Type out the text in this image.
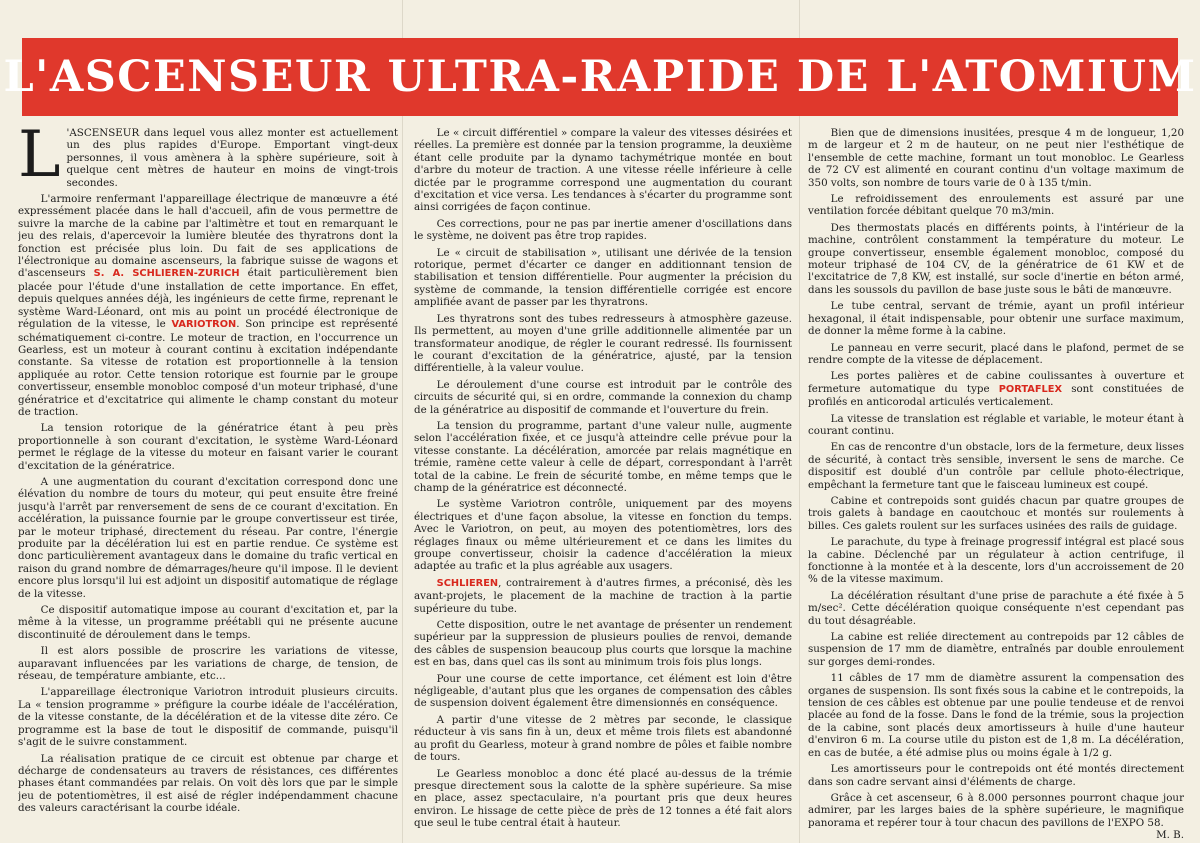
L'ASCENSEUR ULTRA-RAPIDE DE L'ATOMIUM

L 'ASCENSEUR dans lequel vous allez monter est actuellement un des plus rapides d'Europe. Emportant vingt-deux personnes, il vous amènera à la sphère supérieure, soit à quelque cent mètres de hauteur en moins de vingt-trois secondes.

L'armoire renfermant l'appareillage électrique de manœuvre a été expressément placée dans le hall d'accueil, afin de vous permettre de suivre la marche de la cabine par l'altimètre et tout en remarquant le jeu des relais, d'apercevoir la lumière bleutée des thyratrons dont la fonction est précisée plus loin. Du fait de ses applications de l'électronique au domaine ascenseurs, la fabrique suisse de wagons et d'ascenseurs S. A. SCHLIEREN-ZURICH était particulièrement bien placée pour l'étude d'une installation de cette importance. En effet, depuis quelques années déjà, les ingénieurs de cette firme, reprenant le système Ward-Léonard, ont mis au point un procédé électronique de régulation de la vitesse, le VARIOTRON. Son principe est représenté schématiquement ci-contre. Le moteur de traction, en l'occurrence un Gearless, est un moteur à courant continu à excitation indépendante constante. Sa vitesse de rotation est proportionnelle à la tension appliquée au rotor. Cette tension rotorique est fournie par le groupe convertisseur, ensemble monobloc composé d'un moteur triphasé, d'une génératrice et d'excitatrice qui alimente le champ constant du moteur de traction.

La tension rotorique de la génératrice étant à peu près proportionnelle à son courant d'excitation, le système Ward-Léonard permet le réglage de la vitesse du moteur en faisant varier le courant d'excitation de la génératrice.

A une augmentation du courant d'excitation correspond donc une élévation du nombre de tours du moteur, qui peut ensuite être freiné jusqu'à l'arrêt par renversement de sens de ce courant d'excitation. En accélération, la puissance fournie par le groupe convertisseur est tirée, par le moteur triphasé, directement du réseau. Par contre, l'énergie produite par la décélération lui est en partie rendue. Ce système est donc particulièrement avantageux dans le domaine du trafic vertical en raison du grand nombre de démarrages/heure qu'il impose. Il le devient encore plus lorsqu'il lui est adjoint un dispositif automatique de réglage de la vitesse.

Ce dispositif automatique impose au courant d'excitation et, par la même à la vitesse, un programme préétabli qui ne présente aucune discontinuité de déroulement dans le temps.

Il est alors possible de proscrire les variations de vitesse, auparavant influencées par les variations de charge, de tension, de réseau, de température ambiante, etc...

L'appareillage électronique Variotron introduit plusieurs circuits. La « tension programme » préfigure la courbe idéale de l'accélération, de la vitesse constante, de la décélération et de la vitesse dite zéro. Ce programme est la base de tout le dispositif de commande, puisqu'il s'agit de le suivre constamment.

La réalisation pratique de ce circuit est obtenue par charge et décharge de condensateurs au travers de résistances, ces différentes phases étant commandées par relais. On voit dès lors que par le simple jeu de potentiomètres, il est aisé de régler indépendamment chacune des valeurs caractérisant la courbe idéale.

Le « circuit différentiel » compare la valeur des vitesses désirées et réelles. La première est donnée par la tension programme, la deuxième étant celle produite par la dynamo tachymétrique montée en bout d'arbre du moteur de traction. A une vitesse réelle inférieure à celle dictée par le programme correspond une augmentation du courant d'excitation et vice versa. Les tendances à s'écarter du programme sont ainsi corrigées de façon continue.

Ces corrections, pour ne pas par inertie amener d'oscillations dans le système, ne doivent pas être trop rapides.

Le « circuit de stabilisation », utilisant une dérivée de la tension rotorique, permet d'écarter ce danger en additionnant tension de stabilisation et tension différentielle. Pour augmenter la précision du système de commande, la tension différentielle corrigée est encore amplifiée avant de passer par les thyratrons.

Les thyratrons sont des tubes redresseurs à atmosphère gazeuse. Ils permettent, au moyen d'une grille additionnelle alimentée par un transformateur anodique, de régler le courant redressé. Ils fournissent le courant d'excitation de la génératrice, ajusté, par la tension différentielle, à la valeur voulue.

Le déroulement d'une course est introduit par le contrôle des circuits de sécurité qui, si en ordre, commande la connexion du champ de la génératrice au dispositif de commande et l'ouverture du frein.

La tension du programme, partant d'une valeur nulle, augmente selon l'accélération fixée, et ce jusqu'à atteindre celle prévue pour la vitesse constante. La décélération, amorcée par relais magnétique en trémie, ramène cette valeur à celle de départ, correspondant à l'arrêt total de la cabine. Le frein de sécurité tombe, en même temps que le champ de la génératrice est déconnecté.

Le système Variotron contrôle, uniquement par des moyens électriques et d'une façon absolue, la vitesse en fonction du temps. Avec le Variotron, on peut, au moyen des potentiomètres, lors des réglages finaux ou même ultérieurement et ce dans les limites du groupe convertisseur, choisir la cadence d'accélération la mieux adaptée au trafic et la plus agréable aux usagers.

SCHLIEREN, contrairement à d'autres firmes, a préconisé, dès les avant-projets, le placement de la machine de traction à la partie supérieure du tube.

Cette disposition, outre le net avantage de présenter un rendement supérieur par la suppression de plusieurs poulies de renvoi, demande des câbles de suspension beaucoup plus courts que lorsque la machine est en bas, dans quel cas ils sont au minimum trois fois plus longs.

Pour une course de cette importance, cet élément est loin d'être négligeable, d'autant plus que les organes de compensation des câbles de suspension doivent également être dimensionnés en conséquence.

A partir d'une vitesse de 2 mètres par seconde, le classique réducteur à vis sans fin à un, deux et même trois filets est abandonné au profit du Gearless, moteur à grand nombre de pôles et faible nombre de tours.

Le Gearless monobloc a donc été placé au-dessus de la trémie presque directement sous la calotte de la sphère supérieure. Sa mise en place, assez spectaculaire, n'a pourtant pris que deux heures environ. Le hissage de cette pièce de près de 12 tonnes a été fait alors que seul le tube central était à hauteur.

Bien que de dimensions inusitées, presque 4 m de longueur, 1,20 m de largeur et 2 m de hauteur, on ne peut nier l'esthétique de l'ensemble de cette machine, formant un tout monobloc. Le Gearless de 72 CV est alimenté en courant continu d'un voltage maximum de 350 volts, son nombre de tours varie de 0 à 135 t/min.

Le refroidissement des enroulements est assuré par une ventilation forcée débitant quelque 70 m3/min.

Des thermostats placés en différents points, à l'intérieur de la machine, contrôlent constamment la température du moteur. Le groupe convertisseur, ensemble également monobloc, composé du moteur triphasé de 104 CV, de la génératrice de 61 KW et de l'excitatrice de 7,8 KW, est installé, sur socle d'inertie en béton armé, dans les soussols du pavillon de base juste sous le bâti de manœuvre.

Le tube central, servant de trémie, ayant un profil intérieur hexagonal, il était indispensable, pour obtenir une surface maximum, de donner la même forme à la cabine.

Le panneau en verre securit, placé dans le plafond, permet de se rendre compte de la vitesse de déplacement.

Les portes palières et de cabine coulissantes à ouverture et fermeture automatique du type PORTAFLEX sont constituées de profilés en anticorodal articulés verticalement.

La vitesse de translation est réglable et variable, le moteur étant à courant continu.

En cas de rencontre d'un obstacle, lors de la fermeture, deux lisses de sécurité, à contact très sensible, inversent le sens de marche. Ce dispositif est doublé d'un contrôle par cellule photo-électrique, empêchant la fermeture tant que le faisceau lumineux est coupé.

Cabine et contrepoids sont guidés chacun par quatre groupes de trois galets à bandage en caoutchouc et montés sur roulements à billes. Ces galets roulent sur les surfaces usinées des rails de guidage.

Le parachute, du type à freinage progressif intégral est placé sous la cabine. Déclenché par un régulateur à action centrifuge, il fonctionne à la montée et à la descente, lors d'un accroissement de 20 % de la vitesse maximum.

La décélération résultant d'une prise de parachute a été fixée à 5 m/sec². Cette décélération quoique conséquente n'est cependant pas du tout désagréable.

La cabine est reliée directement au contrepoids par 12 câbles de suspension de 17 mm de diamètre, entraînés par double enroulement sur gorges demi-rondes.

11 câbles de 17 mm de diamètre assurent la compensation des organes de suspension. Ils sont fixés sous la cabine et le contrepoids, la tension de ces câbles est obtenue par une poulie tendeuse et de renvoi placée au fond de la fosse. Dans le fond de la trémie, sous la projection de la cabine, sont placés deux amortisseurs à huile d'une hauteur d'environ 6 m. La course utile du piston est de 1,8 m. La décélération, en cas de butée, a été admise plus ou moins égale à 1/2 g.

Les amortisseurs pour le contrepoids ont été montés directement dans son cadre servant ainsi d'éléments de charge.

Grâce à cet ascenseur, 6 à 8.000 personnes pourront chaque jour admirer, par les larges baies de la sphère supérieure, le magnifique panorama et repérer tour à tour chacun des pavillons de l'EXPO 58.
M. B.
